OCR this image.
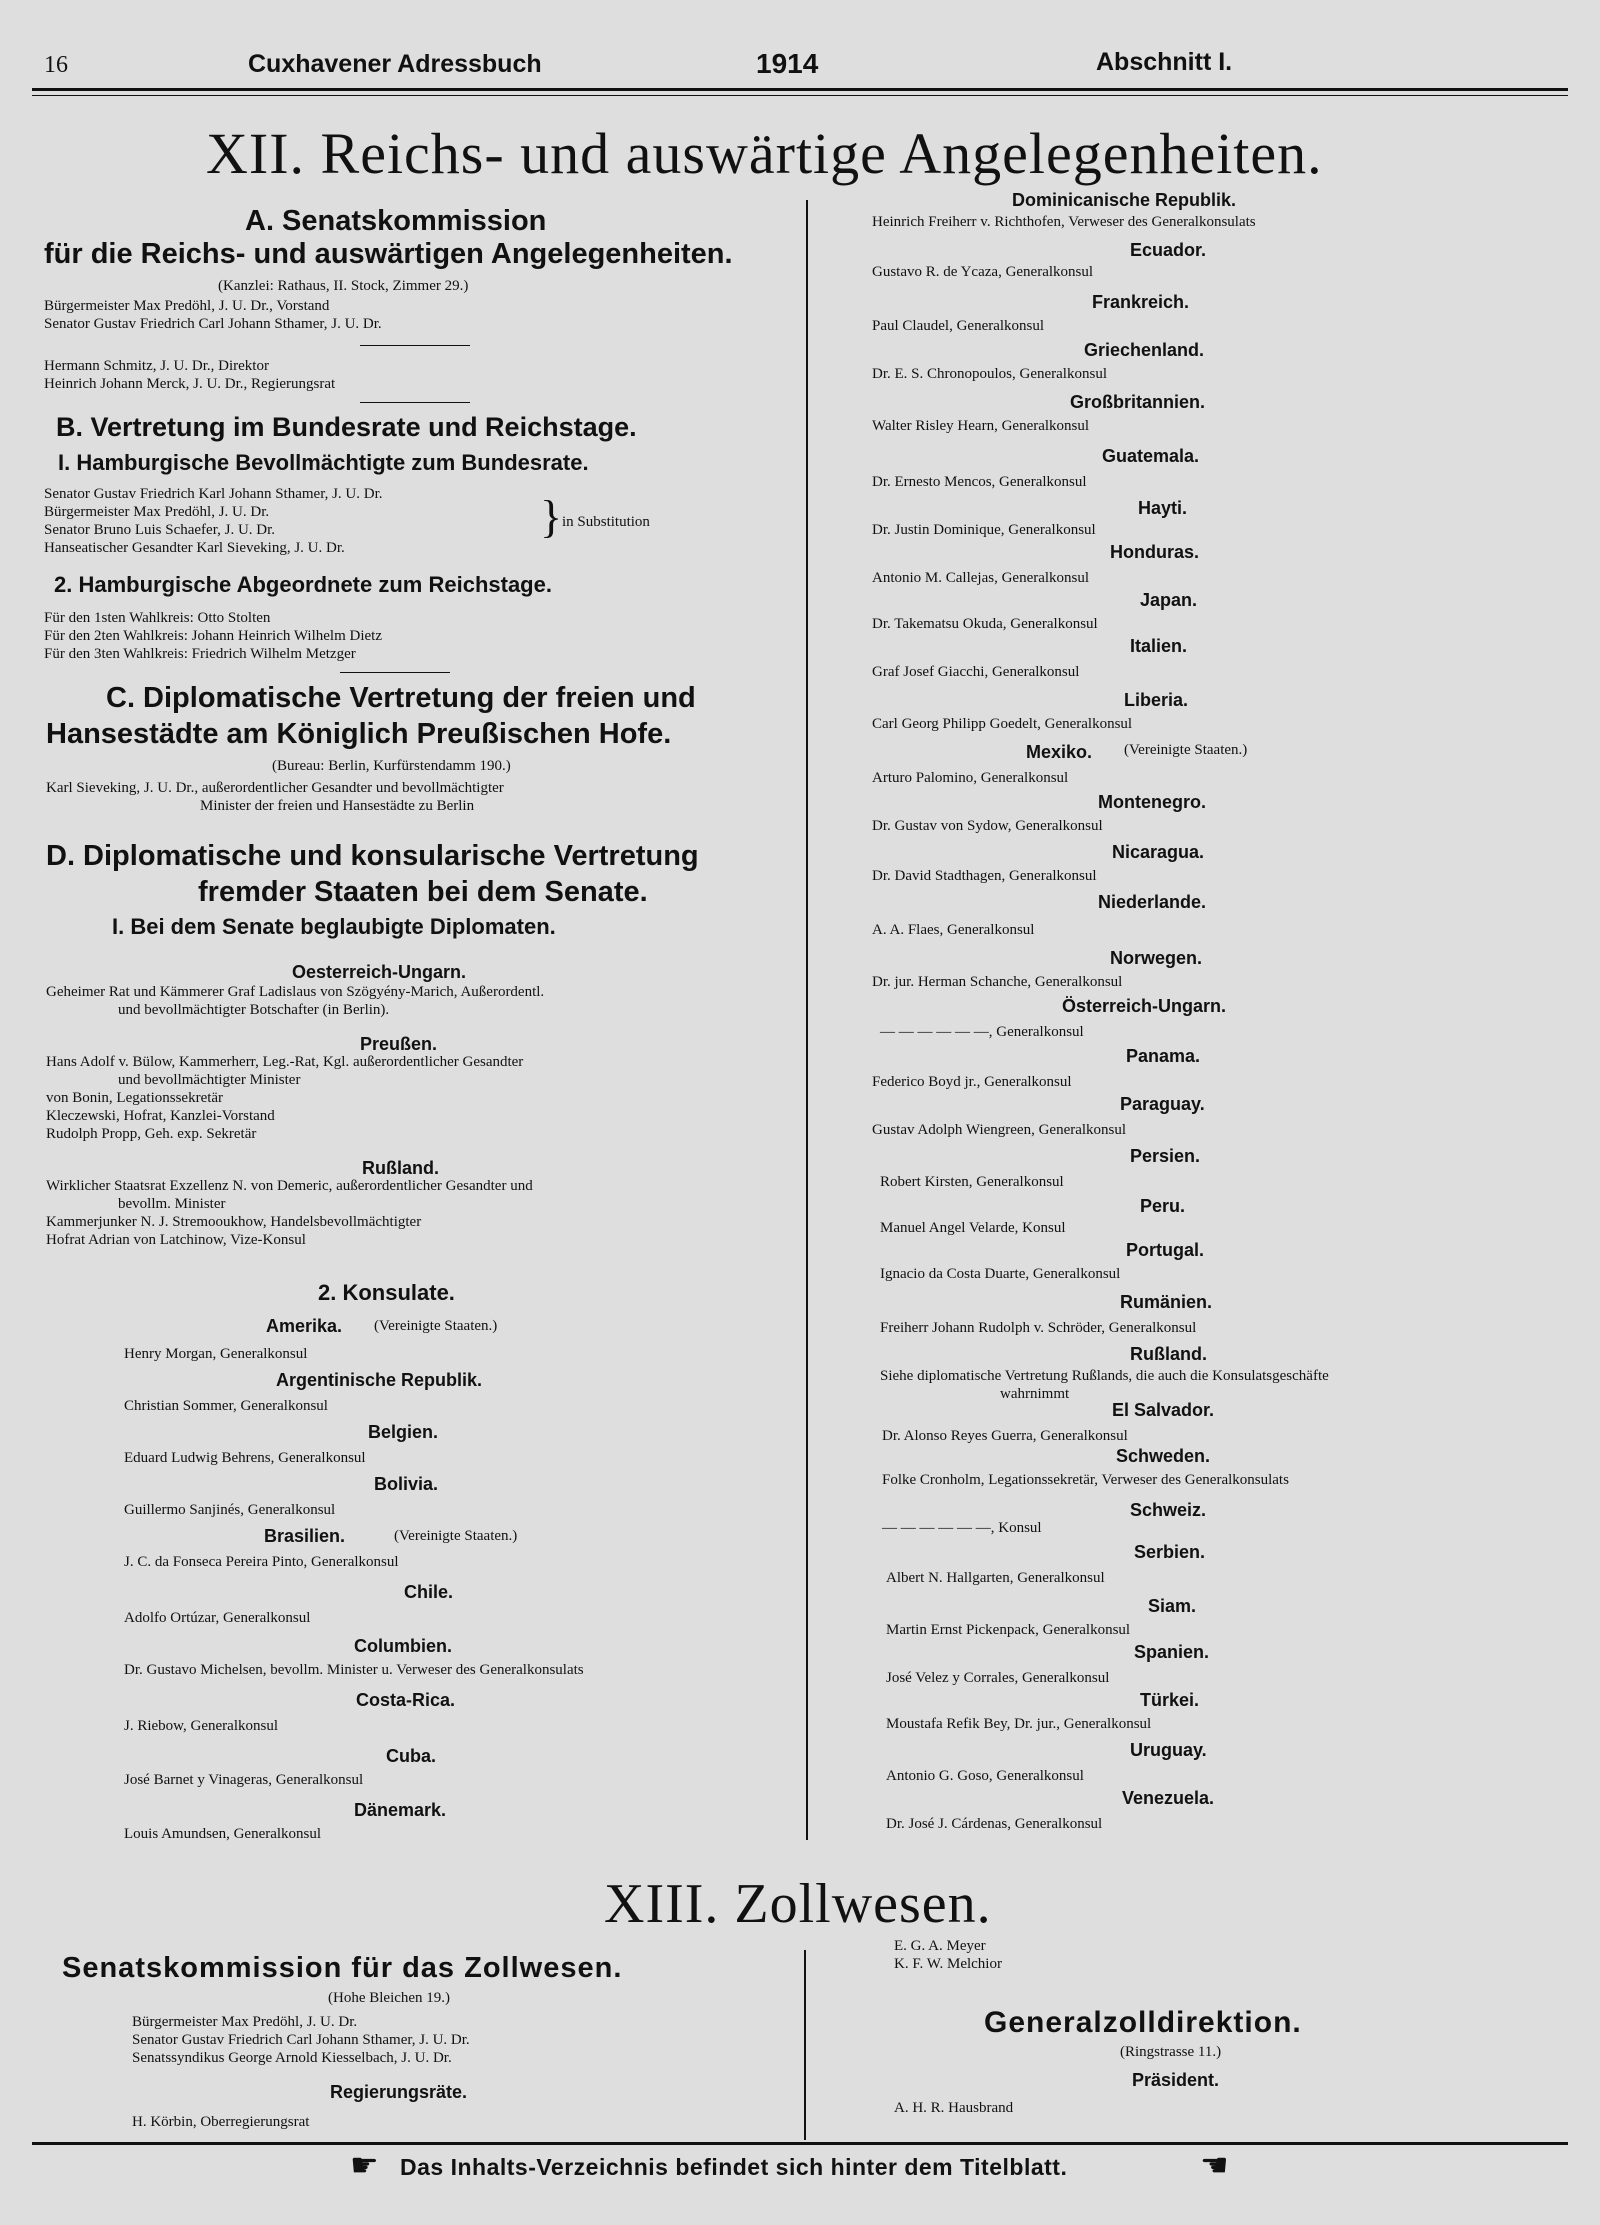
16	Cuxhavener Adressbuch	1914	Abschnitt I.
XII. Reichs- und auswärtige Angelegenheiten.
A. Senatskommission
für die Reichs- und auswärtigen Angelegenheiten.
(Kanzlei: Rathaus, II. Stock, Zimmer 29.)
Bürgermeister Max Predöhl, J. U. Dr., Vorstand
Senator Gustav Friedrich Carl Johann Sthamer, J. U. Dr.
Hermann Schmitz, J. U. Dr., Direktor
Heinrich Johann Merck, J. U. Dr., Regierungsrat
B. Vertretung im Bundesrate und Reichstage.
I. Hamburgische Bevollmächtigte zum Bundesrate.
Senator Gustav Friedrich Karl Johann Sthamer, J. U. Dr.
Bürgermeister Max Predöhl, J. U. Dr.
Senator Bruno Luis Schaefer, J. U. Dr.
Hanseatischer Gesandter Karl Sieveking, J. U. Dr.
} in Substitution
2. Hamburgische Abgeordnete zum Reichstage.
Für den 1sten Wahlkreis: Otto Stolten
Für den 2ten Wahlkreis: Johann Heinrich Wilhelm Dietz
Für den 3ten Wahlkreis: Friedrich Wilhelm Metzger
C. Diplomatische Vertretung der freien und
Hansestädte am Königlich Preußischen Hofe.
(Bureau: Berlin, Kurfürstendamm 190.)
Karl Sieveking, J. U. Dr., außerordentlicher Gesandter und bevollmächtigter
Minister der freien und Hansestädte zu Berlin
D. Diplomatische und konsularische Vertretung
fremder Staaten bei dem Senate.
I. Bei dem Senate beglaubigte Diplomaten.
Oesterreich-Ungarn.
Geheimer Rat und Kämmerer Graf Ladislaus von Szögyény-Marich, Außerordentl.
und bevollmächtigter Botschafter (in Berlin).
Preußen.
Hans Adolf v. Bülow, Kammerherr, Leg.-Rat, Kgl. außerordentlicher Gesandter
und bevollmächtigter Minister
von Bonin, Legationssekretär
Kleczewski, Hofrat, Kanzlei-Vorstand
Rudolph Propp, Geh. exp. Sekretär
Rußland.
Wirklicher Staatsrat Exzellenz N. von Demeric, außerordentlicher Gesandter und
bevollm. Minister
Kammerjunker N. J. Stremooukhow, Handelsbevollmächtigter
Hofrat Adrian von Latchinow, Vize-Konsul
2. Konsulate.
Amerika. (Vereinigte Staaten.)
Henry Morgan, Generalkonsul
Argentinische Republik.
Christian Sommer, Generalkonsul
Belgien.
Eduard Ludwig Behrens, Generalkonsul
Bolivia.
Guillermo Sanjinés, Generalkonsul
Brasilien.	(Vereinigte Staaten.)
J. C. da Fonseca Pereira Pinto, Generalkonsul
Chile.
Adolfo Ortúzar, Generalkonsul
Columbien.
Dr. Gustavo Michelsen, bevollm. Minister u. Verweser des Generalkonsulats
Costa-Rica.
J. Riebow, Generalkonsul
Cuba.
José Barnet y Vinageras, Generalkonsul
Dänemark.
Louis Amundsen, Generalkonsul
Dominicanische Republik.
Heinrich Freiherr v. Richthofen, Verweser des Generalkonsulats
Ecuador.
Gustavo R. de Ycaza, Generalkonsul
Frankreich.
Paul Claudel, Generalkonsul
Griechenland.
Dr. E. S. Chronopoulos, Generalkonsul
Großbritannien.
Walter Risley Hearn, Generalkonsul
Guatemala.
Dr. Ernesto Mencos, Generalkonsul
Hayti.
Dr. Justin Dominique, Generalkonsul
Honduras.
Antonio M. Callejas, Generalkonsul
Japan.
Dr. Takematsu Okuda, Generalkonsul
Italien.
Graf Josef Giacchi, Generalkonsul
Liberia.
Carl Georg Philipp Goedelt, Generalkonsul
Mexiko. (Vereinigte Staaten.)
Arturo Palomino, Generalkonsul
Montenegro.
Dr. Gustav von Sydow, Generalkonsul
Nicaragua.
Dr. David Stadthagen, Generalkonsul
Niederlande.
A. A. Flaes, Generalkonsul
Norwegen.
Dr. jur. Herman Schanche, Generalkonsul
Österreich-Ungarn.
— — — — — —, Generalkonsul
Panama.
Federico Boyd jr., Generalkonsul
Paraguay.
Gustav Adolph Wiengreen, Generalkonsul
Persien.
Robert Kirsten, Generalkonsul
Peru.
Manuel Angel Velarde, Konsul
Portugal.
Ignacio da Costa Duarte, Generalkonsul
Rumänien.
Freiherr Johann Rudolph v. Schröder, Generalkonsul
Rußland.
Siehe diplomatische Vertretung Rußlands, die auch die Konsulatsgeschäfte
wahrnimmt
El Salvador.
Dr. Alonso Reyes Guerra, Generalkonsul
Schweden.
Folke Cronholm, Legationssekretär, Verweser des Generalkonsulats
Schweiz.
— — — — — —, Konsul
Serbien.
Albert N. Hallgarten, Generalkonsul
Siam.
Martin Ernst Pickenpack, Generalkonsul
Spanien.
José Velez y Corrales, Generalkonsul
Türkei.
Moustafa Refik Bey, Dr. jur., Generalkonsul
Uruguay.
Antonio G. Goso, Generalkonsul
Venezuela.
Dr. José J. Cárdenas, Generalkonsul
XIII. Zollwesen.
Senatskommission für das Zollwesen.
(Hohe Bleichen 19.)
Bürgermeister Max Predöhl, J. U. Dr.
Senator Gustav Friedrich Carl Johann Sthamer, J. U. Dr.
Senatssyndikus George Arnold Kiesselbach, J. U. Dr.
Regierungsräte.
H. Körbin, Oberregierungsrat
E. G. A. Meyer
K. F. W. Melchior
Generalzolldirektion.
(Ringstrasse 11.)
Präsident.
A. H. R. Hausbrand
☛ Das Inhalts-Verzeichnis befindet sich hinter dem Titelblatt.	☚
